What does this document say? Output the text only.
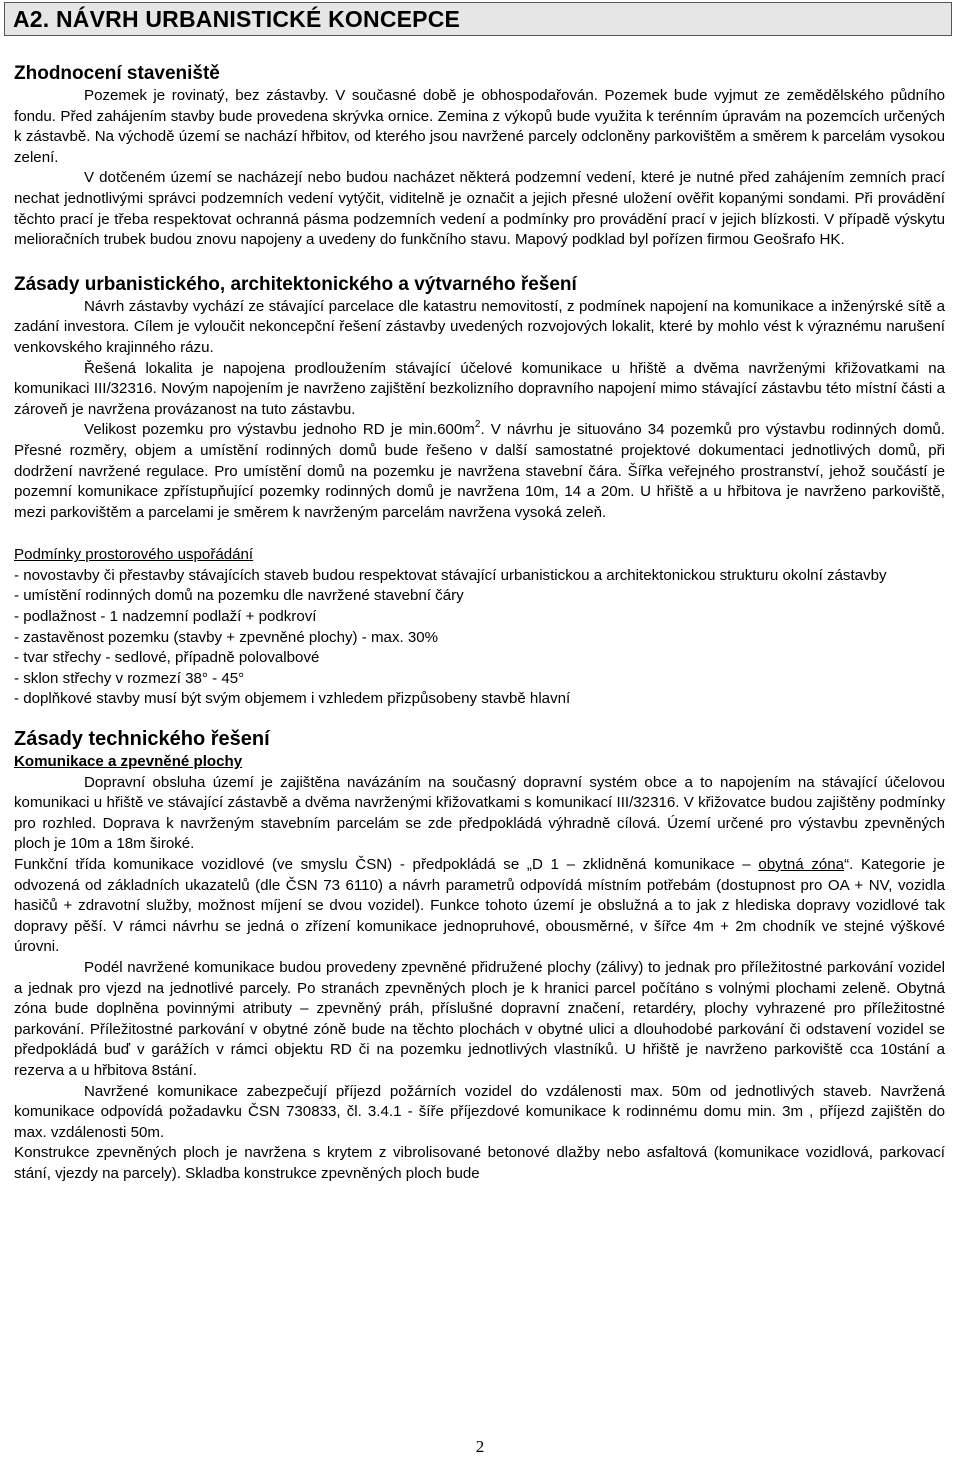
A2. NÁVRH URBANISTICKÉ KONCEPCE
Zhodnocení staveniště

Pozemek je rovinatý, bez zástavby. V současné době je obhospodařován. Pozemek bude vyjmut ze zemědělského půdního fondu. Před zahájením stavby bude provedena skrývka ornice. Zemina z výkopů bude využita k terénním úpravám na pozemcích určených k zástavbě. Na východě území se nachází hřbitov, od kterého jsou navržené parcely odcloněny parkovištěm a směrem k parcelám vysokou zelení.

V dotčeném území se nacházejí nebo budou nacházet některá podzemní vedení, které je nutné před zahájením zemních prací nechat jednotlivými správci podzemních vedení vytýčit, viditelně je označit a jejich přesné uložení ověřit kopanými sondami. Při provádění těchto prací je třeba respektovat ochranná pásma podzemních vedení a podmínky pro provádění prací v jejich blízkosti. V případě výskytu melioračních trubek budou znovu napojeny a uvedeny do funkčního stavu. Mapový podklad byl pořízen firmou Geošrafo HK.

Zásady urbanistického, architektonického a výtvarného řešení

Návrh zástavby vychází ze stávající parcelace dle katastru nemovitostí, z podmínek napojení na komunikace a inženýrské sítě a zadání investora. Cílem je vyloučit nekoncepční řešení zástavby uvedených rozvojových lokalit, které by mohlo vést k výraznému narušení venkovského krajinného rázu.

Řešená lokalita je napojena prodloužením stávající účelové komunikace u hřiště a dvěma navrženými křižovatkami na komunikaci III/32316. Novým napojením je navrženo zajištění bezkolizního dopravního napojení mimo stávající zástavbu této místní části a zároveň je navržena provázanost na tuto zástavbu.

Velikost pozemku pro výstavbu jednoho RD je $\min.600m^2$. V návrhu je situováno 34 pozemků pro výstavbu rodinných domů. Přesné rozměry, objem a umístění rodinných domů bude řešeno v další samostatné projektové dokumentaci jednotlivých domů, při dodržení navržené regulace. Pro umístění domů na pozemku je navržena stavební čára. Šířka veřejného prostranství, jehož součástí je pozemní komunikace zpřístupňující pozemky rodinných domů je navržena 10m, 14 a 20m. U hřiště a u hřbitova je navrženo parkoviště, mezi parkovištěm a parcelami je směrem k navrženým parcelám navržena vysoká zeleň.

Podmínky prostorového uspořádání

- novostavby či přestavby stávajících staveb budou respektovat stávající urbanistickou a architektonickou strukturu okolní zástavby
- umístění rodinných domů na pozemku dle navržené stavební čáry
- podlažnost - 1 nadzemní podlaží + podkroví
- zastavěnost pozemku (stavby + zpevněné plochy) - max. 30%
- tvar střechy - sedlové, případně polovalbové
- sklon střechy v rozmezí 38° - 45°
- doplňkové stavby musí být svým objemem i vzhledem přizpůsobeny stavbě hlavní
Zásady technického řešení

Komunikace a zpevněné plochy

Dopravní obsluha území je zajištěna navázáním na současný dopravní systém obce a to napojením na stávající účelovou komunikaci u hřiště ve stávající zástavbě a dvěma navrženými křižovatkami s komunikací III/32316. V křižovatce budou zajištěny podmínky pro rozhled. Doprava k navrženým stavebním parcelám se zde předpokládá výhradně cílová. Území určené pro výstavbu zpevněných ploch je 10m a 18m široké.

Funkční třída komunikace vozidlové (ve smyslu ČSN) - předpokládá se „D 1 – zklidněná komunikace – obytná zóna“. Kategorie je odvozená od základních ukazatelů (dle ČSN 73 6110) a návrh parametrů odpovídá místním potřebám (dostupnost pro OA + NV, vozidla hasičů + zdravotní služby, možnost míjení se dvou vozidel). Funkce tohoto území je obslužná a to jak z hlediska dopravy vozidlové tak dopravy pěší. V rámci návrhu se jedná o zřízení komunikace jednopruhové, obousměrné, v šířce 4m + 2m chodník ve stejné výškové úrovni.

Podél navržené komunikace budou provedeny zpevněné přidružené plochy (zálivy) to jednak pro příležitostné parkování vozidel a jednak pro vjezd na jednotlivé parcely. Po stranách zpevněných ploch je k hranici parcel počítáno s volnými plochami zeleně. Obytná zóna bude doplněna povinnými atributy – zpevněný práh, příslušné dopravní značení, retardéry, plochy vyhrazené pro příležitostné parkování. Příležitostné parkování v obytné zóně bude na těchto plochách v obytné ulici a dlouhodobé parkování či odstavení vozidel se předpokládá buď v garážích v rámci objektu RD či na pozemku jednotlivých vlastníků. U hřiště je navrženo parkoviště cca 10stání a rezerva a u hřbitova 8stání.

Navržené komunikace zabezpečují příjezd požárních vozidel do vzdálenosti max. 50m od jednotlivých staveb. Navržená komunikace odpovídá požadavku ČSN 730833, čl. 3.4.1 - šíře příjezdové komunikace k rodinnému domu min. 3m , příjezd zajištěn do max. vzdálenosti 50m.

Konstrukce zpevněných ploch je navržena s krytem z vibrolisované betonové dlažby nebo asfaltová (komunikace vozidlová, parkovací stání, vjezdy na parcely). Skladba konstrukce zpevněných ploch bude

2
